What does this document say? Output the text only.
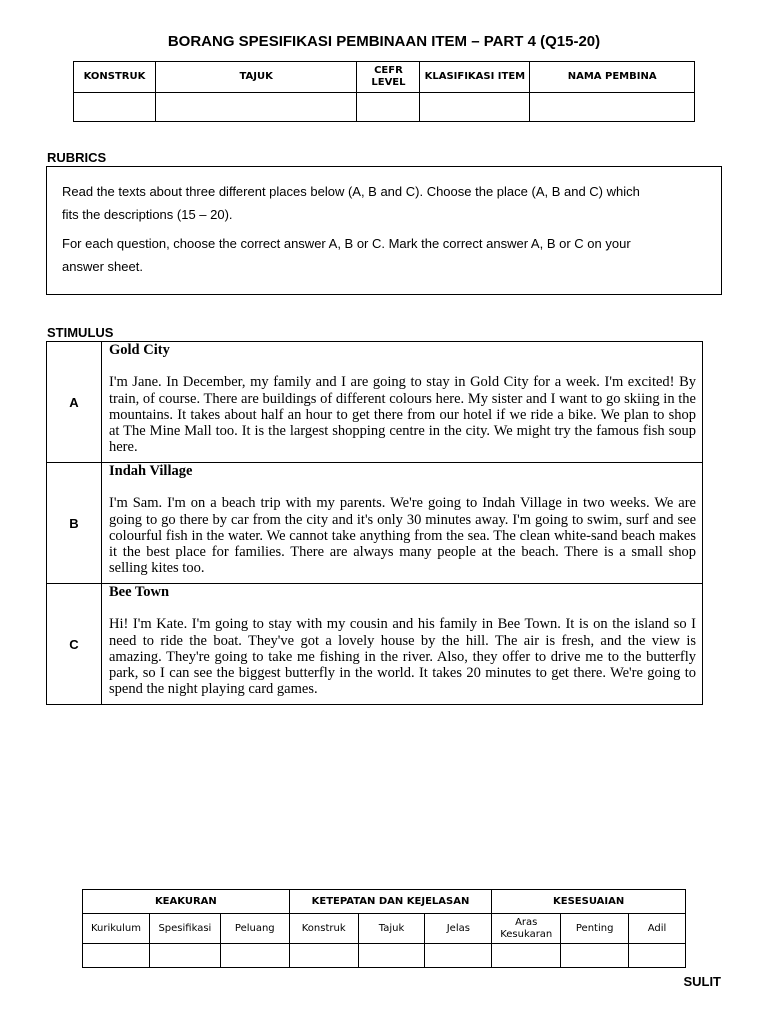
BORANG SPESIFIKASI PEMBINAAN ITEM – PART 4 (Q15-20)
KONSTRUK	TAJUK	CEFR LEVEL	KLASIFIKASI ITEM	NAMA PEMBINA

RUBRICS

Read the texts about three different places below (A, B and C). Choose the place (A, B and C) which fits the descriptions (15 – 20).

For each question, choose the correct answer A, B or C. Mark the correct answer A, B or C on your answer sheet.

STIMULUS
A	Gold City
I'm Jane. In December, my family and I are going to stay in Gold City for a week. I'm excited! By train, of course. There are buildings of different colours here. My sister and I want to go skiing in the mountains. It takes about half an hour to get there from our hotel if we ride a bike. We plan to shop at The Mine Mall too. It is the largest shopping centre in the city. We might try the famous fish soup here.

B	Indah Village
I'm Sam. I'm on a beach trip with my parents. We're going to Indah Village in two weeks. We are going to go there by car from the city and it's only 30 minutes away. I'm going to swim, surf and see colourful fish in the water. We cannot take anything from the sea. The clean white-sand beach makes it the best place for families. There are always many people at the beach. There is a small shop selling kites too.

C	Bee Town
Hi! I'm Kate. I'm going to stay with my cousin and his family in Bee Town. It is on the island so I need to ride the boat. They've got a lovely house by the hill. The air is fresh, and the view is amazing. They're going to take me fishing in the river. Also, they offer to drive me to the butterfly park, so I can see the biggest butterfly in the world. It takes 20 minutes to get there. We're going to spend the night playing card games.
KEAKURAN			KETEPATAN DAN KEJELASAN			KESESUAIAN		
Kurikulum	Spesifikasi	Peluang	Konstruk	Tajuk	Jelas	Aras Kesukaran	Penting	Adil

SULIT
